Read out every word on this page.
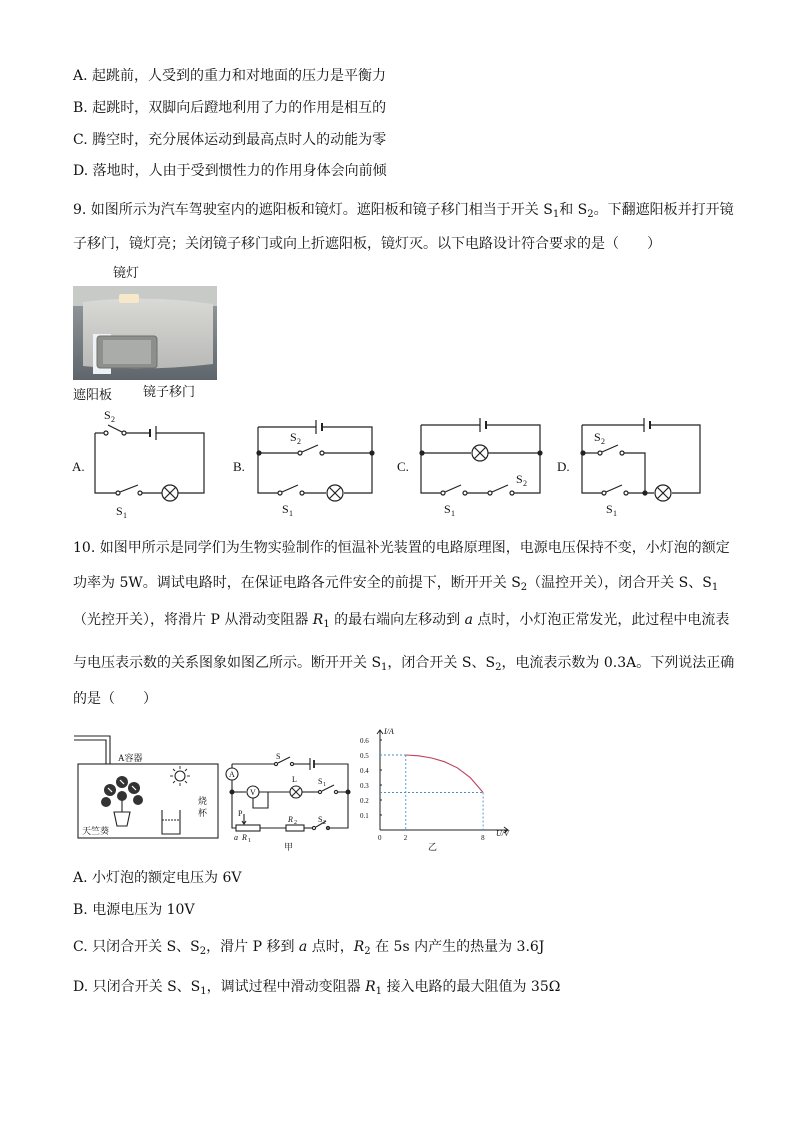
A. 起跳前，人受到的重力和对地面的压力是平衡力
B. 起跳时，双脚向后蹬地利用了力的作用是相互的
C. 腾空时，充分展体运动到最高点时人的动能为零
D. 落地时，人由于受到惯性力的作用身体会向前倾
9. 如图所示为汽车驾驶室内的遮阳板和镜灯。遮阳板和镜子移门相当于开关 $S_1$和 $S_2$。下翻遮阳板并打开镜
子移门，镜灯亮；关闭镜子移门或向上折遮阳板，镜灯灭。以下电路设计符合要求的是（　　）
镜灯
遮阳板 镜子移门
A.
S 2
S 1
B.
S 2
S 1
C.
S 1
S 2
D.
S 2
S 1
10. 如图甲所示是同学们为生物实验制作的恒温补光装置的电路原理图，电源电压保持不变，小灯泡的额定
功率为 5W。调试电路时，在保证电路各元件安全的前提下，断开开关 $S_2$（温控开关），闭合开关 S、$S_1$
（光控开关），将滑片 P 从滑动变阻器 $R_1$ 的最右端向左移动到 a 点时，小灯泡正常发光，此过程中电流表
与电压表示数的关系图象如图乙所示。断开开关 $S_1$，闭合开关 S、$S_2$，电流表示数为 0.3A。下列说法正确
的是（　　）
A容器
天竺葵
烧
杯
A
V
S
L	S 1
P
R 2	S 2
a R 1
甲
0.1
0.2
0.3
0.4
0.5
0.6
0	2	8
I/A
U/V
乙
A. 小灯泡的额定电压为 6V
B. 电源电压为 10V
C. 只闭合开关 S、$S_2$，滑片 P 移到 a 点时，$R_2$ 在 5s 内产生的热量为 3.6J
D. 只闭合开关 S、$S_1$，调试过程中滑动变阻器 $R_1$ 接入电路的最大阻值为 35Ω
